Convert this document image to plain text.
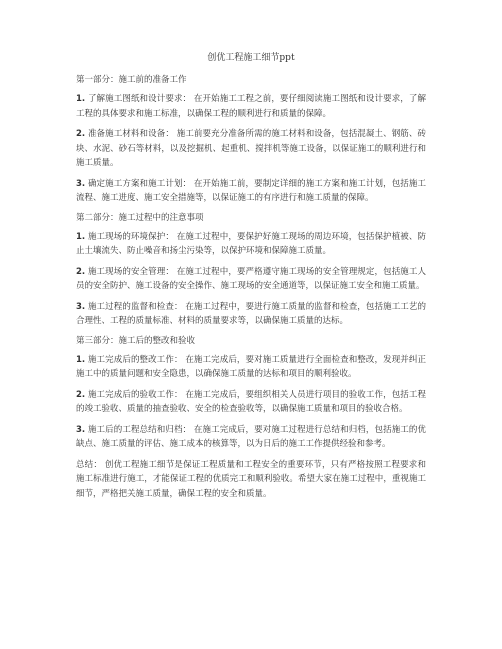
创优工程施工细节ppt
第一部分：施工前的准备工作

1. 了解施工图纸和设计要求： 在开始施工工程之前，要仔细阅读施工图纸和设计要求，了解工程的具体要求和施工标准，以确保工程的顺利进行和质量的保障。

2. 准备施工材料和设备： 施工前要充分准备所需的施工材料和设备，包括混凝土、钢筋、砖块、水泥、砂石等材料，以及挖掘机、起重机、搅拌机等施工设备，以保证施工的顺利进行和施工质量。

3. 确定施工方案和施工计划： 在开始施工前，要制定详细的施工方案和施工计划，包括施工流程、施工进度、施工安全措施等，以保证施工的有序进行和施工质量的保障。

第二部分：施工过程中的注意事项

1. 施工现场的环境保护： 在施工过程中，要保护好施工现场的周边环境，包括保护植被、防止土壤流失、防止噪音和扬尘污染等，以保护环境和保障施工质量。

2. 施工现场的安全管理： 在施工过程中，要严格遵守施工现场的安全管理规定，包括施工人员的安全防护、施工设备的安全操作、施工现场的安全通道等，以保证施工安全和施工质量。

3. 施工过程的监督和检查： 在施工过程中，要进行施工质量的监督和检查，包括施工工艺的合理性、工程的质量标准、材料的质量要求等，以确保施工质量的达标。

第三部分：施工后的整改和验收

1. 施工完成后的整改工作： 在施工完成后，要对施工质量进行全面检查和整改，发现并纠正施工中的质量问题和安全隐患，以确保施工质量的达标和项目的顺利验收。

2. 施工完成后的验收工作： 在施工完成后，要组织相关人员进行项目的验收工作，包括工程的竣工验收、质量的抽查验收、安全的检查验收等，以确保施工质量和项目的验收合格。

3. 施工后的工程总结和归档： 在施工完成后，要对施工过程进行总结和归档，包括施工的优缺点、施工质量的评估、施工成本的核算等，以为日后的施工工作提供经验和参考。

总结： 创优工程施工细节是保证工程质量和工程安全的重要环节，只有严格按照工程要求和施工标准进行施工，才能保证工程的优质完工和顺利验收。希望大家在施工过程中，重视施工细节，严格把关施工质量，确保工程的安全和质量。
